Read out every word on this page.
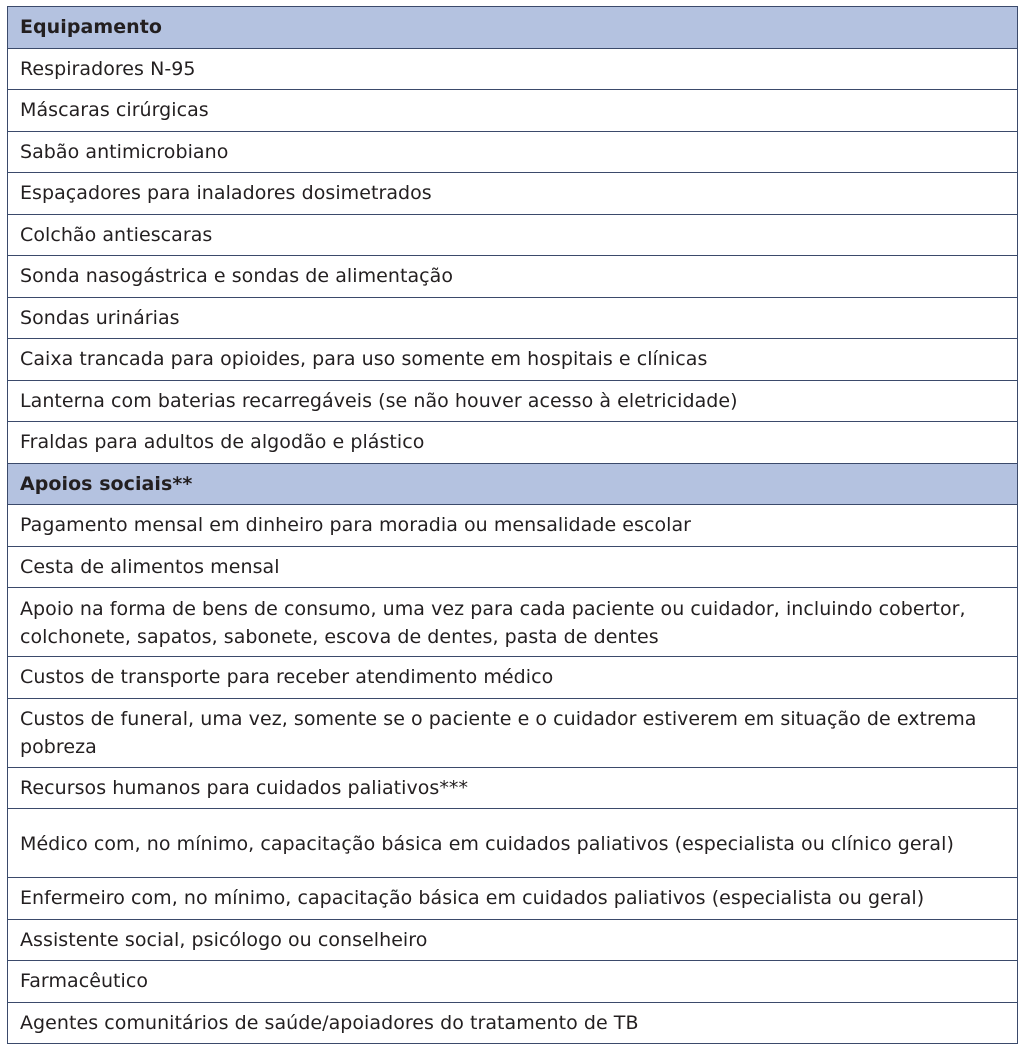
Equipamento
Respiradores N-95
Máscaras cirúrgicas
Sabão antimicrobiano
Espaçadores para inaladores dosimetrados
Colchão antiescaras
Sonda nasogástrica e sondas de alimentação
Sondas urinárias
Caixa trancada para opioides, para uso somente em hospitais e clínicas
Lanterna com baterias recarregáveis (se não houver acesso à eletricidade)
Fraldas para adultos de algodão e plástico
Apoios sociais**
Pagamento mensal em dinheiro para moradia ou mensalidade escolar
Cesta de alimentos mensal
Apoio na forma de bens de consumo, uma vez para cada paciente ou cuidador, incluindo cobertor, colchonete, sapatos, sabonete, escova de dentes, pasta de dentes
Custos de transporte para receber atendimento médico
Custos de funeral, uma vez, somente se o paciente e o cuidador estiverem em situação de extrema pobreza
Recursos humanos para cuidados paliativos***
Médico com, no mínimo, capacitação básica em cuidados paliativos (especialista ou clínico geral)
Enfermeiro com, no mínimo, capacitação básica em cuidados paliativos (especialista ou geral)
Assistente social, psicólogo ou conselheiro
Farmacêutico
Agentes comunitários de saúde/apoiadores do tratamento de TB
